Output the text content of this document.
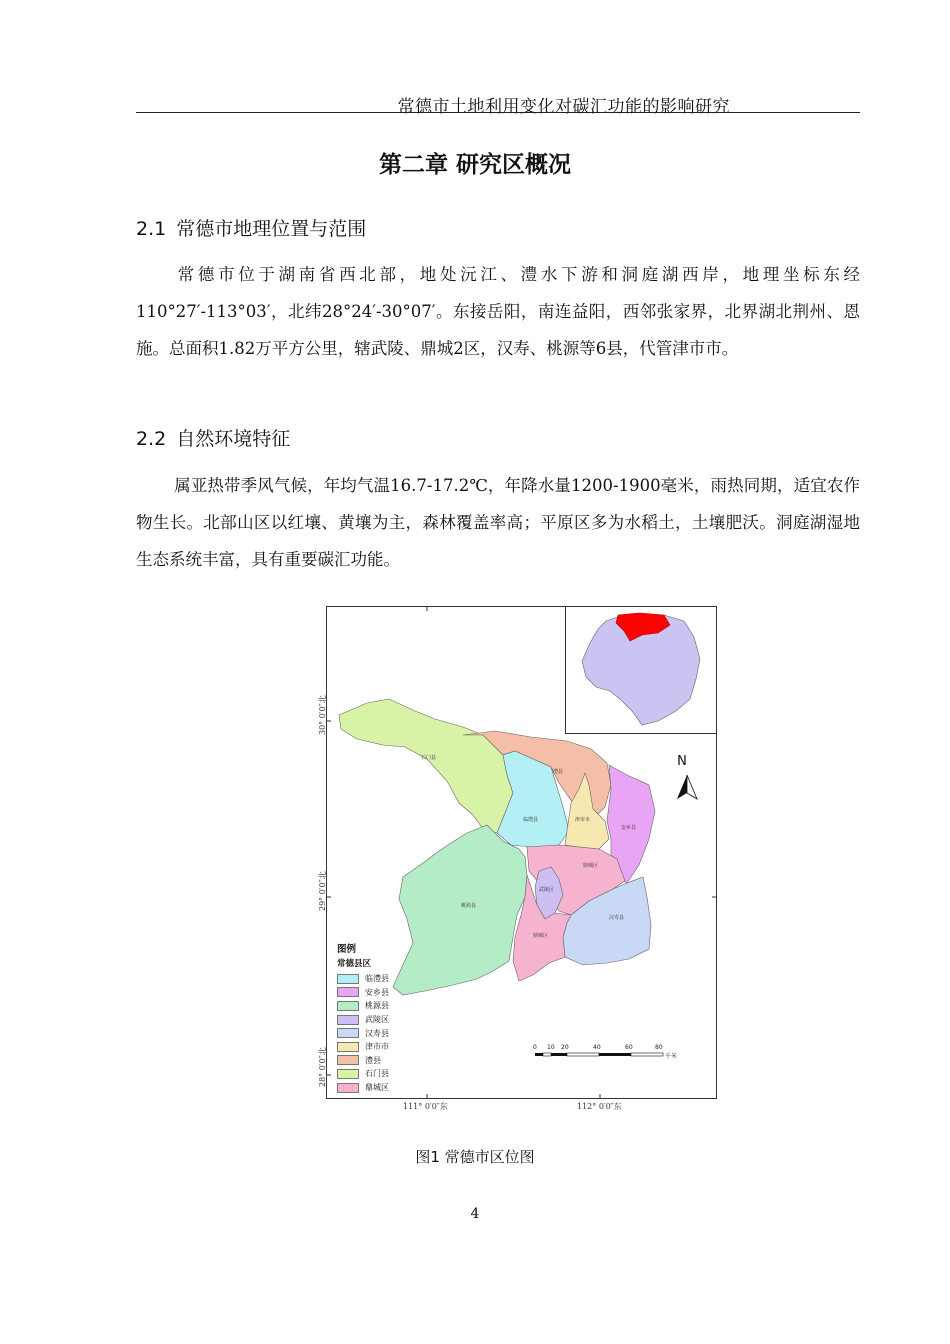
常德市土地利用变化对碳汇功能的影响研究
第二章 研究区概况
2.1 常德市地理位置与范围
常德市位于湖南省西北部，地处沅江、澧水下游和洞庭湖西岸，地理坐标东经110°27′-113°03′，北纬28°24′-30°07′。东接岳阳，南连益阳，西邻张家界，北界湖北荆州、恩施。总面积1.82万平方公里，辖武陵、鼎城2区，汉寿、桃源等6县，代管津市市。
2.2 自然环境特征
属亚热带季风气候，年均气温16.7-17.2℃，年降水量1200-1900毫米，雨热同期，适宜农作物生长。北部山区以红壤、黄壤为主，森林覆盖率高；平原区多为水稻土，土壤肥沃。洞庭湖湿地生态系统丰富，具有重要碳汇功能。
石门县
澧县
临澧县	津市市
安乡县
鼎城区
桃源县
武陵区
汉寿县
鼎城区
N
0 10 20	40	60	80
千米
30° 0′0″北
29° 0′0″北
28° 0′0″北
111° 0′0″东	112° 0′0″东
图例
常德县区
临澧县
安乡县
桃源县
武陵区
汉寿县
津市市
澧县
石门县
鼎城区
图1 常德市区位图
4
